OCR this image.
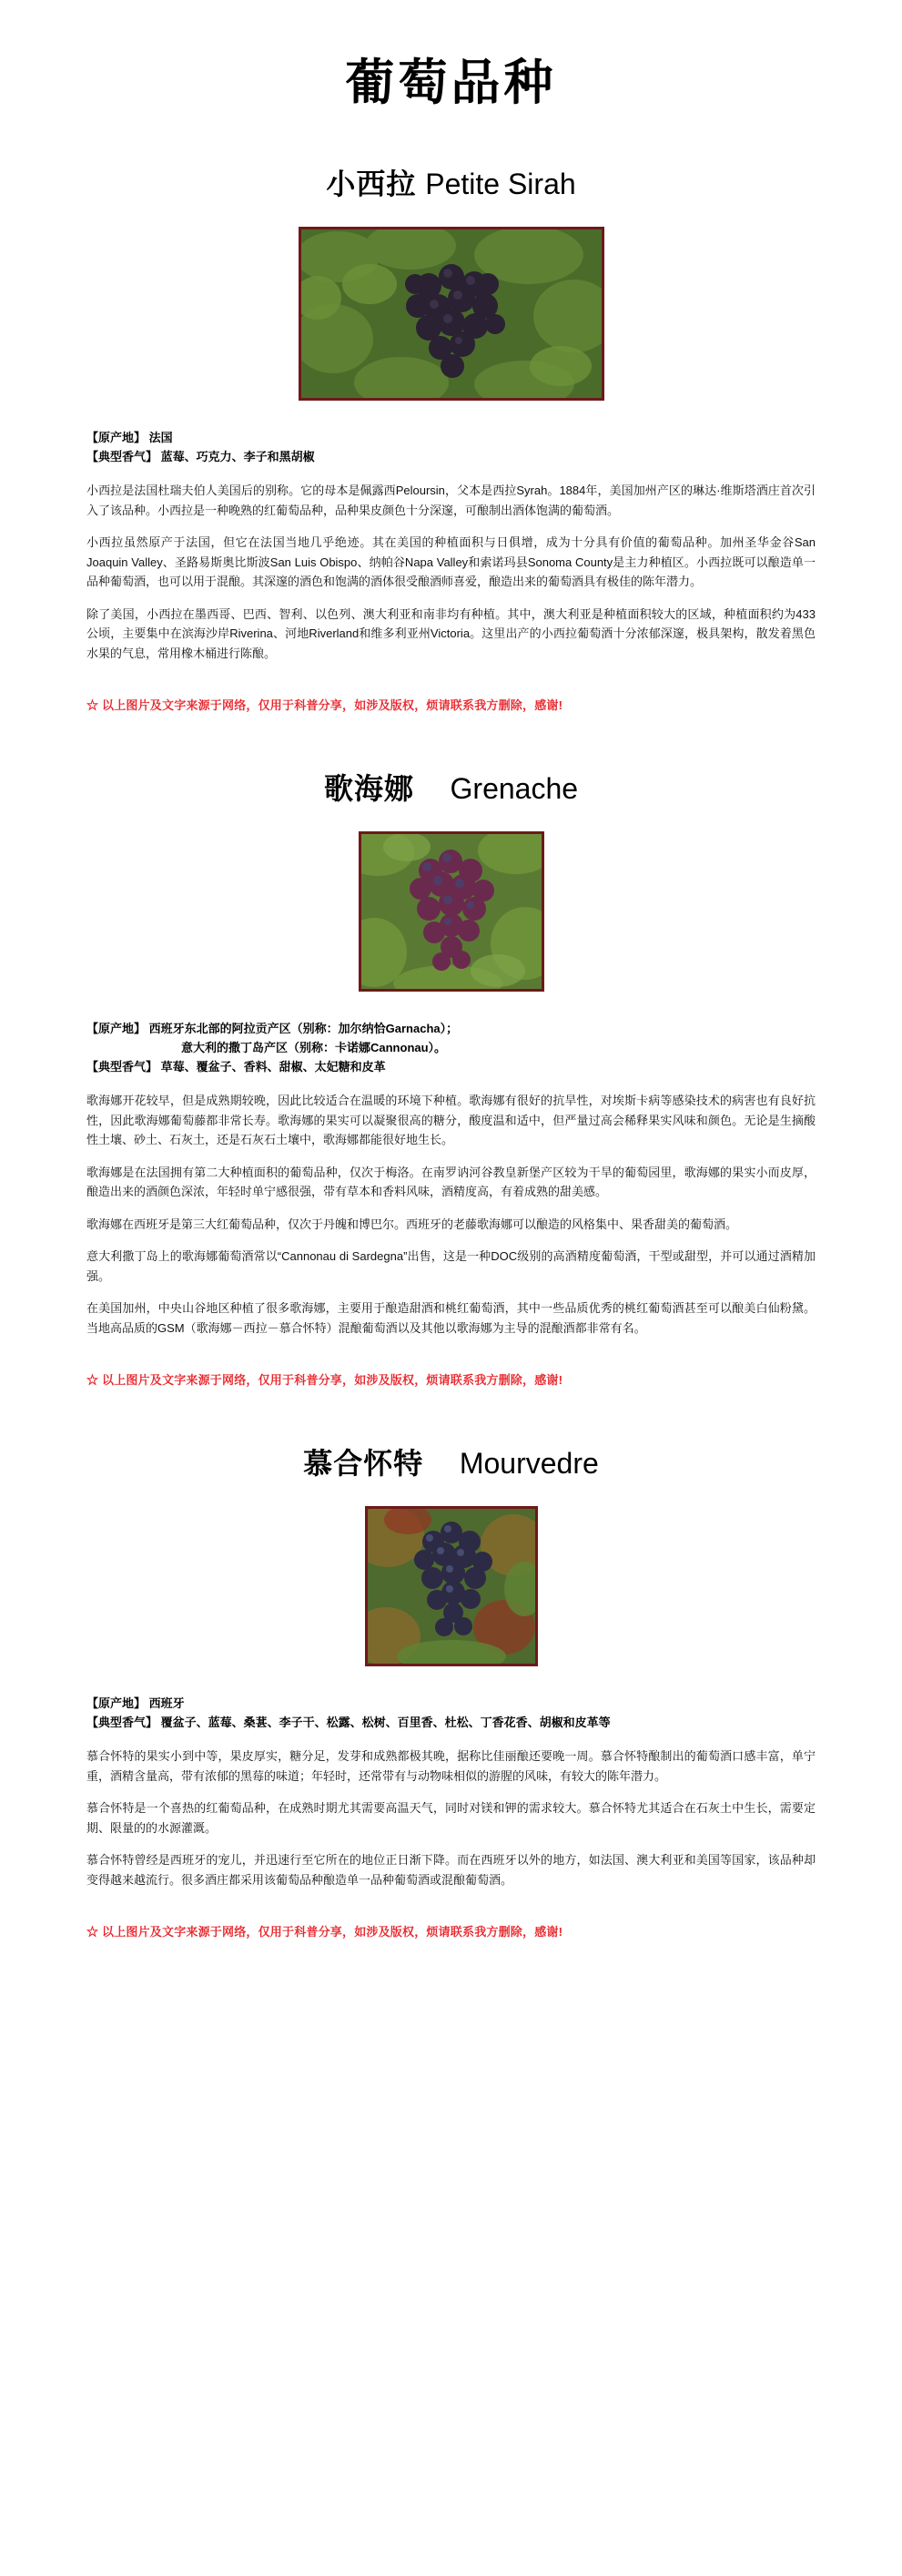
葡萄品种
小西拉 Petite Sirah
【原产地】 法国
【典型香气】 蓝莓、巧克力、李子和黑胡椒

小西拉是法国杜瑞夫伯人美国后的别称。它的母本是佩露西Peloursin，父本是西拉Syrah。1884年，美国加州产区的琳达·维斯塔酒庄首次引入了该品种。小西拉是一种晚熟的红葡萄品种，品种果皮颜色十分深邃，可酿制出酒体饱满的葡萄酒。

小西拉虽然原产于法国，但它在法国当地几乎绝迹。其在美国的种植面积与日俱增，成为十分具有价值的葡萄品种。加州圣华金谷San Joaquin Valley、圣路易斯奥比斯波San Luis Obispo、纳帕谷Napa Valley和索诺玛县Sonoma County是主力种植区。小西拉既可以酿造单一品种葡萄酒，也可以用于混酿。其深邃的酒色和饱满的酒体很受酿酒师喜爱，酿造出来的葡萄酒具有极佳的陈年潜力。

除了美国，小西拉在墨西哥、巴西、智利、以色列、澳大利亚和南非均有种植。其中，澳大利亚是种植面积较大的区域，种植面积约为433公顷，主要集中在滨海沙岸Riverina、河地Riverland和维多利亚州Victoria。这里出产的小西拉葡萄酒十分浓郁深邃，极具架构，散发着黑色水果的气息，常用橡木桶进行陈酿。

☆ 以上图片及文字来源于网络，仅用于科普分享，如涉及版权，烦请联系我方删除，感谢!
歌海娜 Grenache
【原产地】 西班牙东北部的阿拉贡产区（别称：加尔纳恰Garnacha）；
意大利的撒丁岛产区（别称：卡诺娜Cannonau）。
【典型香气】 草莓、覆盆子、香料、甜椒、太妃糖和皮革

歌海娜开花较早，但是成熟期较晚，因此比较适合在温暖的环境下种植。歌海娜有很好的抗旱性，对埃斯卡病等感染技术的病害也有良好抗性，因此歌海娜葡萄藤都非常长寿。歌海娜的果实可以凝聚很高的糖分，酸度温和适中，但严量过高会稀释果实风味和颜色。无论是生摘酸性土壤、砂土、石灰土，还是石灰石土壤中，歌海娜都能很好地生长。

歌海娜是在法国拥有第二大种植面积的葡萄品种，仅次于梅洛。在南罗讷河谷教皇新堡产区较为干旱的葡萄园里，歌海娜的果实小而皮厚，酿造出来的酒颜色深浓，年轻时单宁感很强，带有草本和香料风味，酒精度高，有着成熟的甜美感。

歌海娜在西班牙是第三大红葡萄品种，仅次于丹魄和博巴尔。西班牙的老藤歌海娜可以酿造的风格集中、果香甜美的葡萄酒。

意大利撒丁岛上的歌海娜葡萄酒常以“Cannonau di Sardegna”出售，这是一种DOC级别的高酒精度葡萄酒，干型或甜型，并可以通过酒精加强。

在美国加州，中央山谷地区种植了很多歌海娜，主要用于酿造甜酒和桃红葡萄酒，其中一些品质优秀的桃红葡萄酒甚至可以酿美白仙粉黛。当地高品质的GSM（歌海娜－西拉－慕合怀特）混酿葡萄酒以及其他以歌海娜为主导的混酿酒都非常有名。

☆ 以上图片及文字来源于网络，仅用于科普分享，如涉及版权，烦请联系我方删除，感谢!
慕合怀特 Mourvedre
【原产地】 西班牙
【典型香气】 覆盆子、蓝莓、桑葚、李子干、松露、松树、百里香、杜松、丁香花香、胡椒和皮革等

慕合怀特的果实小到中等，果皮厚实，糖分足，发芽和成熟都极其晚，据称比佳丽酿还要晚一周。慕合怀特酿制出的葡萄酒口感丰富，单宁重，酒精含量高，带有浓郁的黑莓的味道；年轻时，还常带有与动物味相似的游腥的风味，有较大的陈年潜力。

慕合怀特是一个喜热的红葡萄品种，在成熟时期尤其需要高温天气，同时对镁和钾的需求较大。慕合怀特尤其适合在石灰土中生长，需要定期、限量的的水源灌溉。

慕合怀特曾经是西班牙的宠儿，并迅速行至它所在的地位正日渐下降。而在西班牙以外的地方，如法国、澳大利亚和美国等国家，该品种却变得越来越流行。很多酒庄都采用该葡萄品种酿造单一品种葡萄酒或混酿葡萄酒。

☆ 以上图片及文字来源于网络，仅用于科普分享，如涉及版权，烦请联系我方删除，感谢!
